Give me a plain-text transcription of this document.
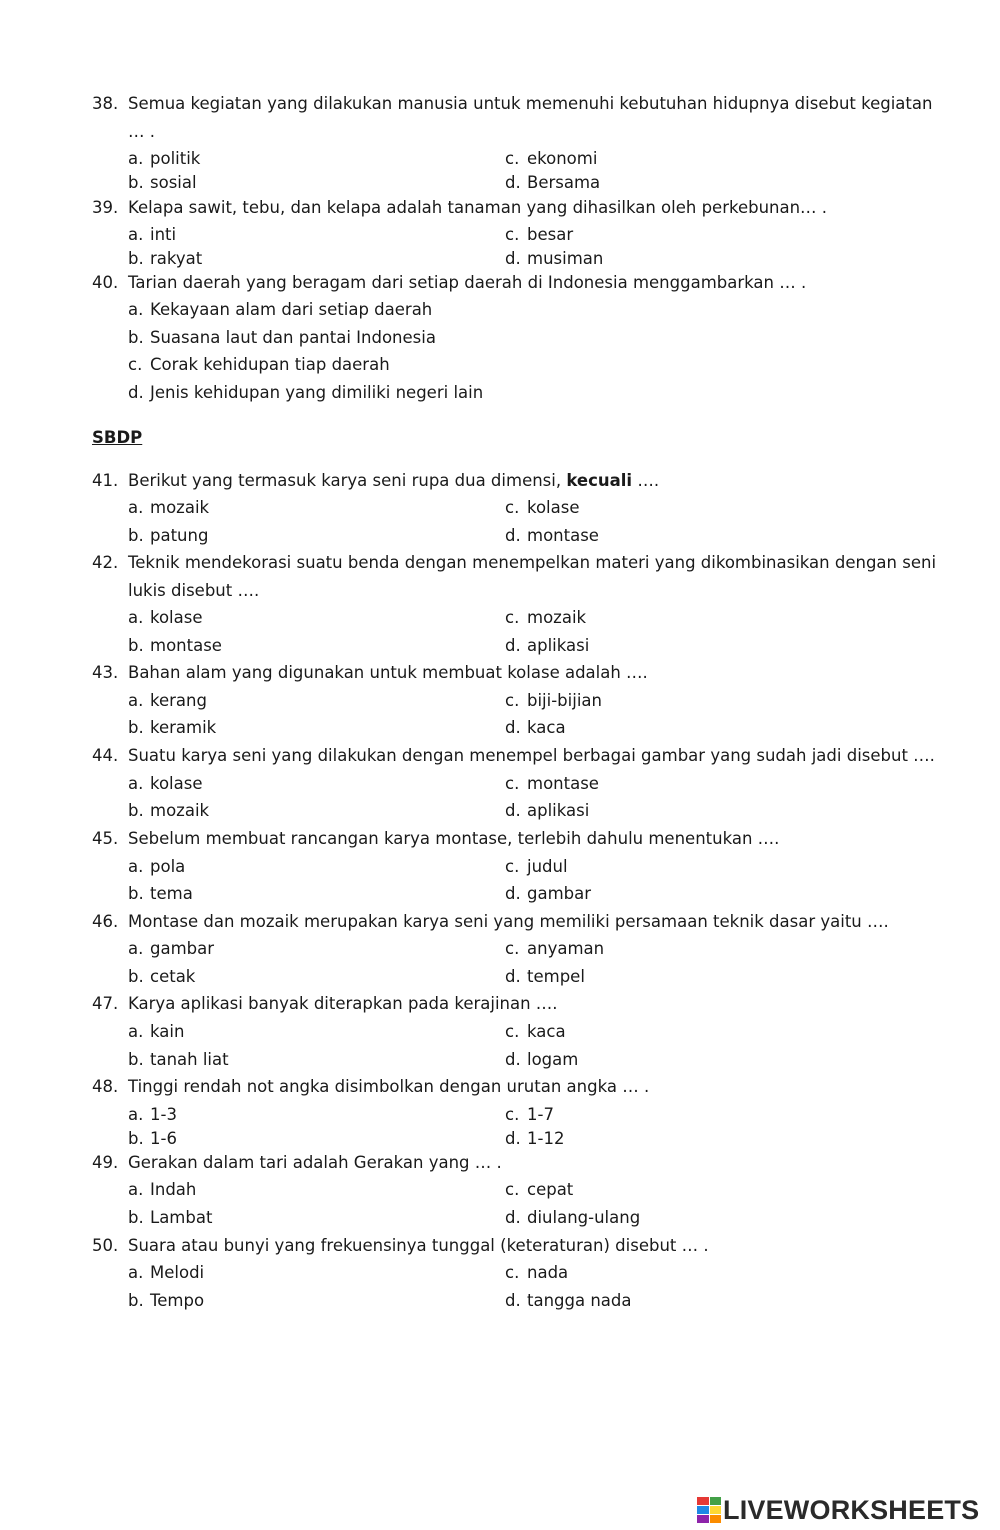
38. Semua kegiatan yang dilakukan manusia untuk memenuhi kebutuhan hidupnya disebut kegiatan
… .
a. politik	c. ekonomi
b. sosial	d. Bersama
39. Kelapa sawit, tebu, dan kelapa adalah tanaman yang dihasilkan oleh perkebunan… .
a. inti	c. besar
b. rakyat	d. musiman
40. Tarian daerah yang beragam dari setiap daerah di Indonesia menggambarkan … .
a. Kekayaan alam dari setiap daerah
b. Suasana laut dan pantai Indonesia
c. Corak kehidupan tiap daerah
d. Jenis kehidupan yang dimiliki negeri lain
SBDP
41. Berikut yang termasuk karya seni rupa dua dimensi, kecuali ….
a. mozaik	c. kolase
b. patung	d. montase
42. Teknik mendekorasi suatu benda dengan menempelkan materi yang dikombinasikan dengan seni
lukis disebut ….
a. kolase	c. mozaik
b. montase	d. aplikasi
43. Bahan alam yang digunakan untuk membuat kolase adalah ….
a. kerang	c. biji-bijian
b. keramik	d. kaca
44. Suatu karya seni yang dilakukan dengan menempel berbagai gambar yang sudah jadi disebut ….
a. kolase	c. montase
b. mozaik	d. aplikasi
45. Sebelum membuat rancangan karya montase, terlebih dahulu menentukan ….
a. pola	c. judul
b. tema	d. gambar
46. Montase dan mozaik merupakan karya seni yang memiliki persamaan teknik dasar yaitu ….
a. gambar	c. anyaman
b. cetak	d. tempel
47. Karya aplikasi banyak diterapkan pada kerajinan ….
a. kain	c. kaca
b. tanah liat	d. logam
48. Tinggi rendah not angka disimbolkan dengan urutan angka … .
a. 1-3	c. 1-7
b. 1-6	d. 1-12
49. Gerakan dalam tari adalah Gerakan yang … .
a. Indah	c. cepat
b. Lambat	d. diulang-ulang
50. Suara atau bunyi yang frekuensinya tunggal (keteraturan) disebut … .
a. Melodi	c. nada
b. Tempo	d. tangga nada
LIVEWORKSHEETS
